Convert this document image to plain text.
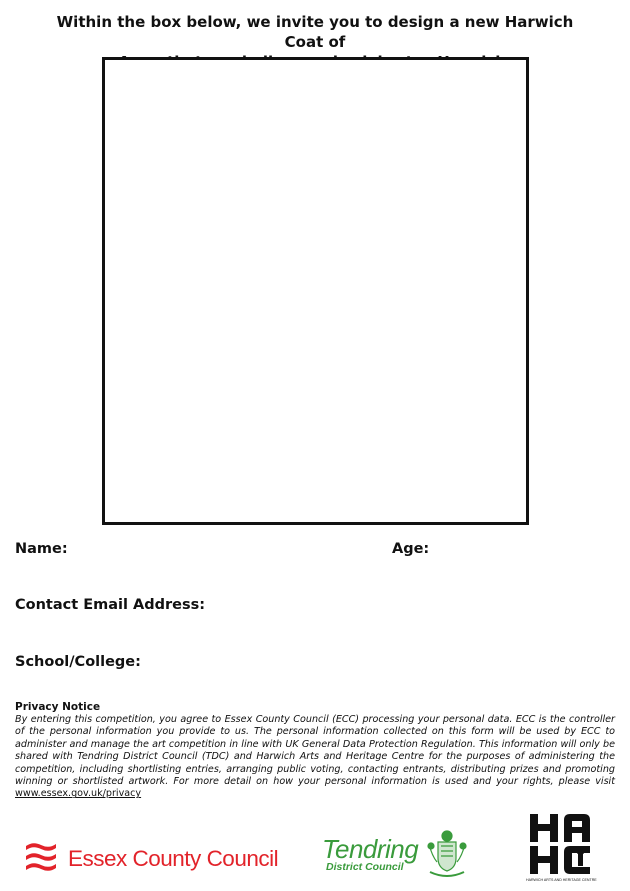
Within the box below, we invite you to design a new Harwich Coat of
Name:	Age:
Contact Email Address:
School/College:
Privacy Notice
By entering this competition, you agree to Essex County Council (ECC) processing your personal data. ECC is the controller of the personal information you provide to us. The personal information collected on this form will be used by ECC to administer and manage the art competition in line with UK General Data Protection Regulation. This information will only be shared with Tendring District Council (TDC) and Harwich Arts and Heritage Centre for the purposes of administering the competition, including shortlisting entries, arranging public voting, contacting entrants, distributing prizes and promoting winning or shortlisted artwork. For more detail on how your personal information is used and your rights, please visit www.essex.gov.uk/privacy
Essex County Council Tendring
District Council
HARWICH ARTS AND HERITAGE CENTRE
